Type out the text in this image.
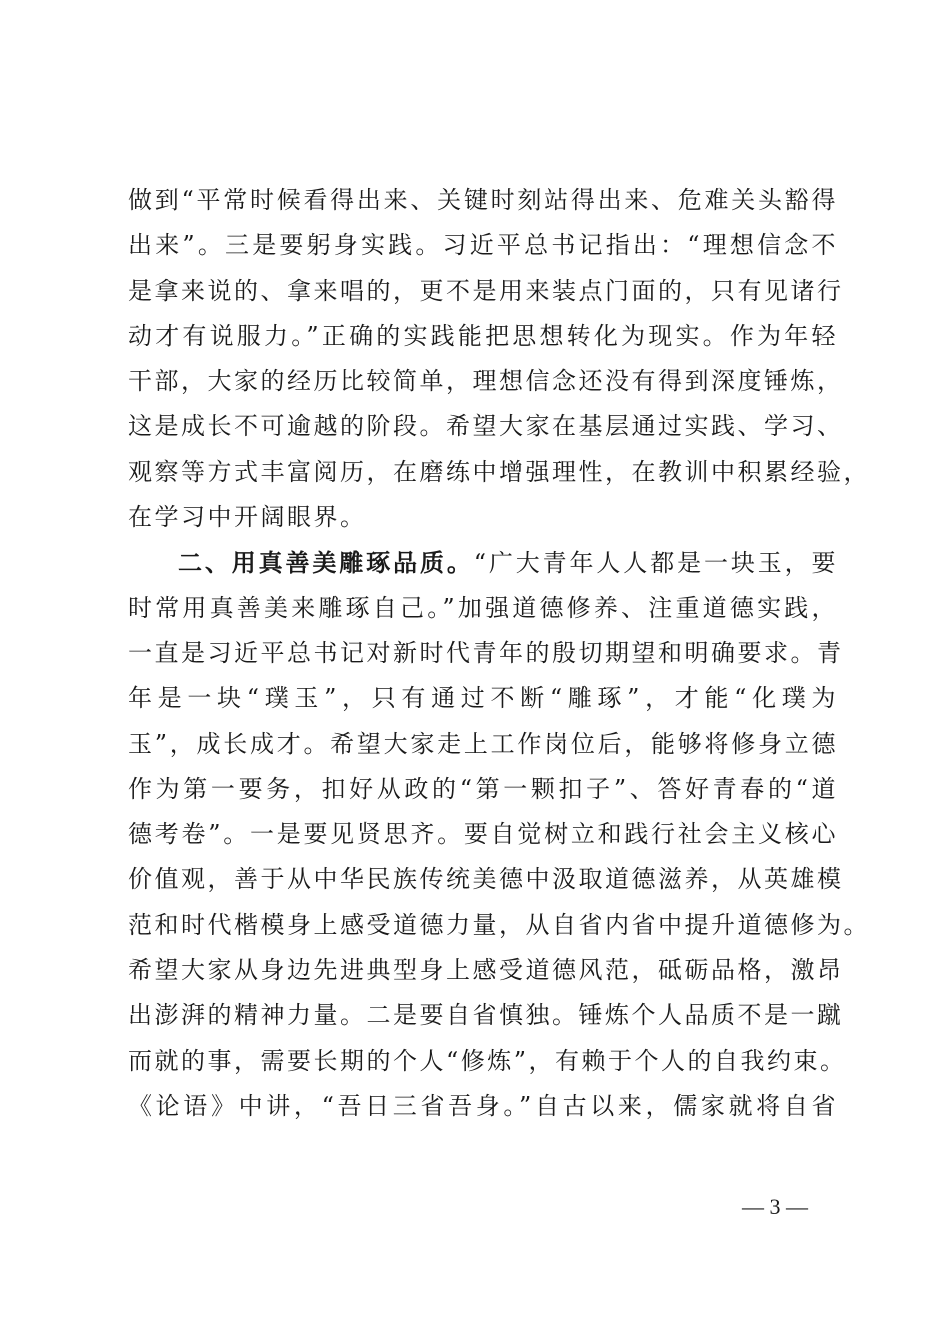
做到“平常时候看得出来、关键时刻站得出来、危难关头豁得
出来”。三是要躬身实践。习近平总书记指出：“理想信念不
是拿来说的、拿来唱的，更不是用来装点门面的，只有见诸行
动才有说服力。”正确的实践能把思想转化为现实。作为年轻
干部，大家的经历比较简单，理想信念还没有得到深度锤炼，
这是成长不可逾越的阶段。希望大家在基层通过实践、学习、
观察等方式丰富阅历，在磨练中增强理性，在教训中积累经验，
在学习中开阔眼界。
二、用真善美雕琢品质。“广大青年人人都是一块玉，要
时常用真善美来雕琢自己。”加强道德修养、注重道德实践，
一直是习近平总书记对新时代青年的殷切期望和明确要求。青
年是一块“璞玉”，只有通过不断“雕琢”，才能“化璞为
玉”，成长成才。希望大家走上工作岗位后，能够将修身立德
作为第一要务，扣好从政的“第一颗扣子”、答好青春的“道
德考卷”。一是要见贤思齐。要自觉树立和践行社会主义核心
价值观，善于从中华民族传统美德中汲取道德滋养，从英雄模
范和时代楷模身上感受道德力量，从自省内省中提升道德修为。
希望大家从身边先进典型身上感受道德风范，砥砺品格，激昂
出澎湃的精神力量。二是要自省慎独。锤炼个人品质不是一蹴
而就的事，需要长期的个人“修炼”，有赖于个人的自我约束。
《论语》中讲，“吾日三省吾身。”自古以来，儒家就将自省
— 3 —
